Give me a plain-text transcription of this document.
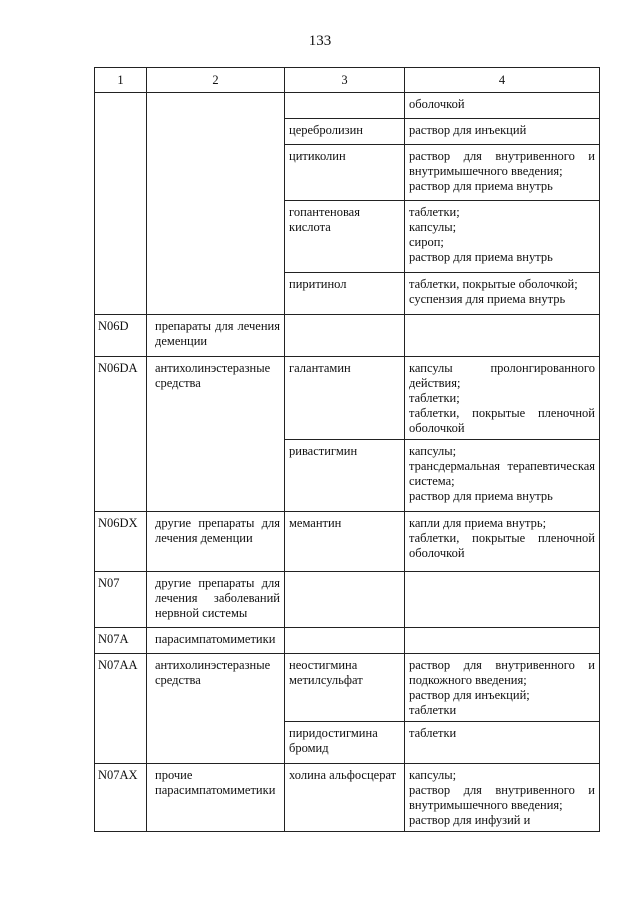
133
1	2	3	4

			оболочкой

		церебролизин	раствор для инъекций

		цитиколин	раствор для внутривенного и внутримышечного введения;
раствор для приема внутрь

		гопантеновая кислота	таблетки;
капсулы;
сироп;
раствор для приема внутрь

		пиритинол	таблетки, покрытые оболочкой;
суспензия для приема внутрь

N06D	препараты для лечения деменции		
N06DA	антихолинэстеразные средства	галантамин	капсулы пролонгированного действия;
таблетки;
таблетки, покрытые пленочной оболочкой

		ривастигмин	капсулы;
трансдермальная терапевтическая система;
раствор для приема внутрь

N06DX	другие препараты для лечения деменции	мемантин	капли для приема внутрь;
таблетки, покрытые пленочной оболочкой

N07	другие препараты для лечения заболеваний нервной системы		
N07A	парасимпатомиметики		
N07AA	антихолинэстеразные средства	неостигмина метилсульфат	раствор для внутривенного и подкожного введения;
раствор для инъекций;
таблетки

		пиридостигмина бромид	таблетки

N07AX	прочие парасимпатомиметики	холина альфосцерат	капсулы;
раствор для внутривенного и внутримышечного введения;
раствор для инфузий и
